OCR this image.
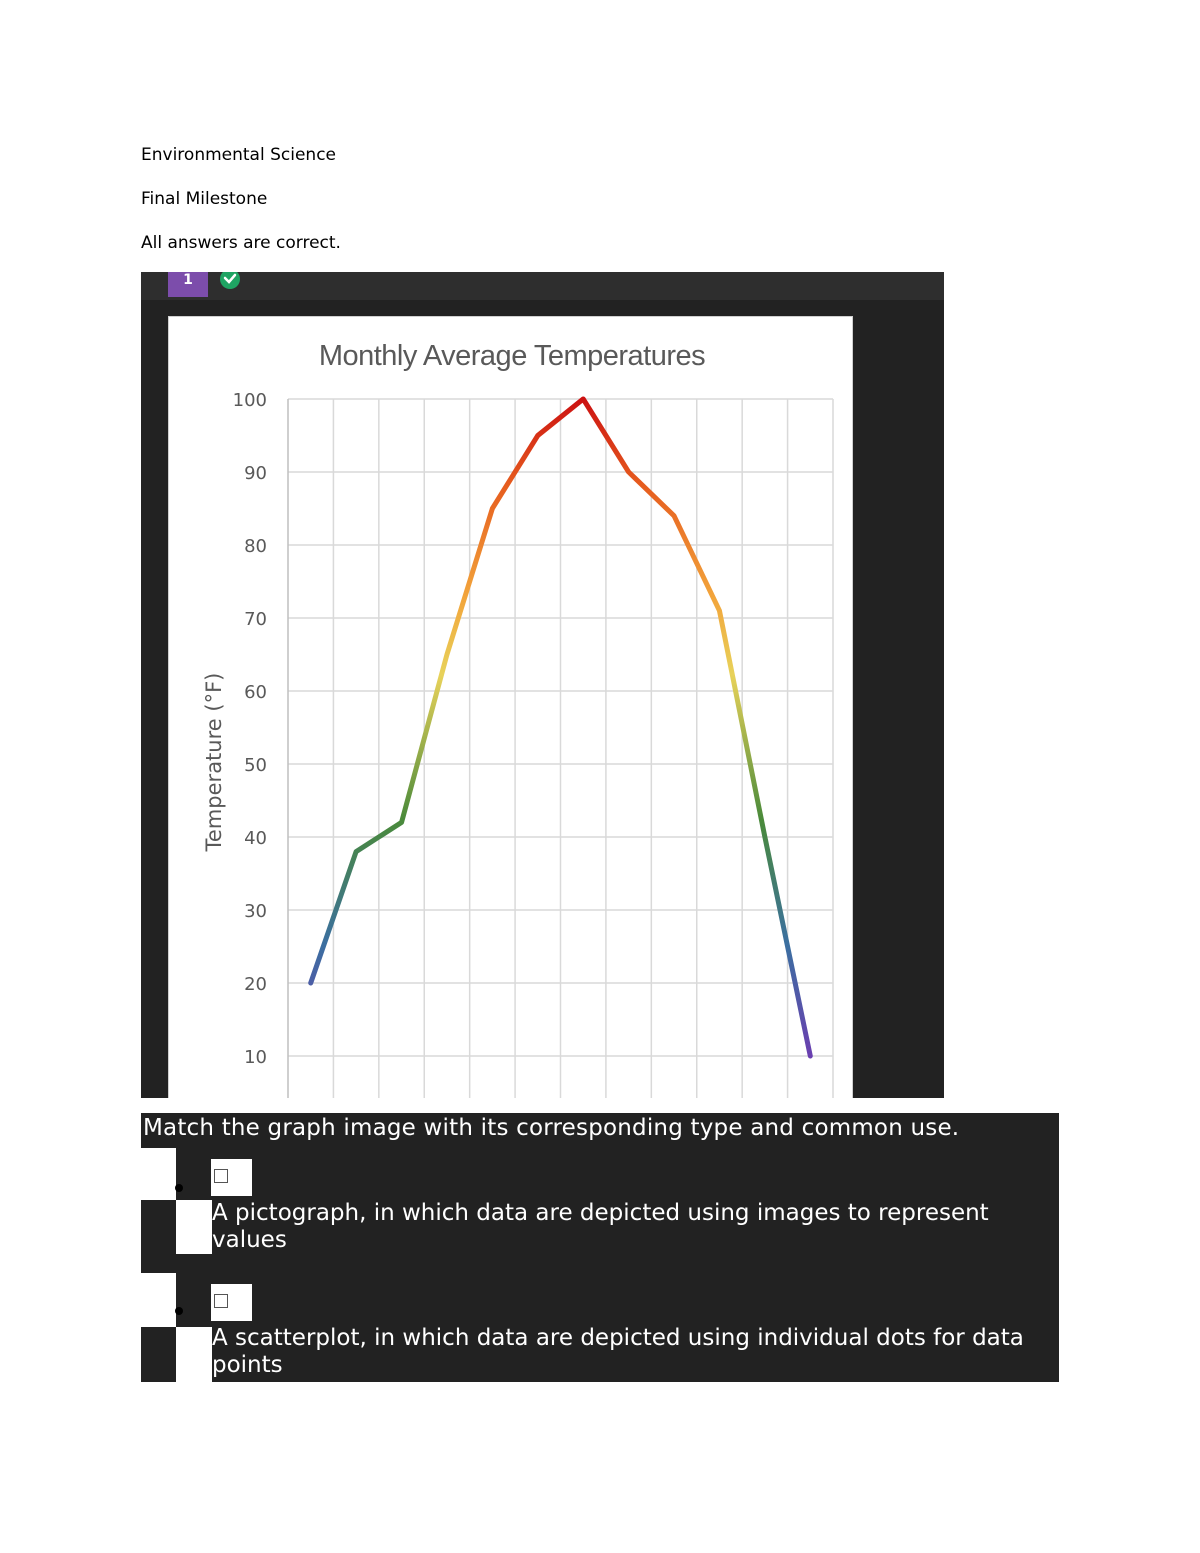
Environmental Science
Final Milestone
All answers are correct.
1
Monthly Average Temperatures
100
90
80
70
60
50
40
30
20
10
Temperature (°F)
Match the graph image with its corresponding type and common use.
A pictograph, in which data are depicted using images to represent values
A scatterplot, in which data are depicted using individual dots for data points
